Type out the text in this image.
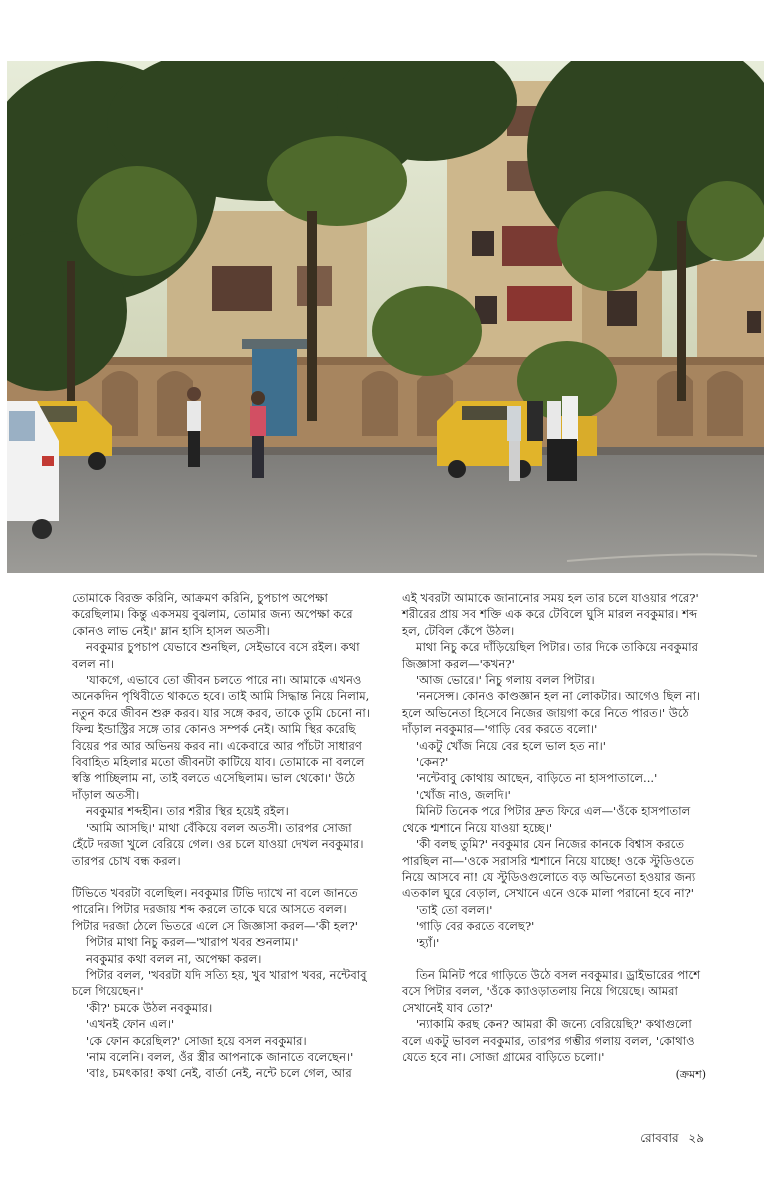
তোমাকে বিরক্ত করিনি, আক্রমণ করিনি, চুপচাপ অপেক্ষা করেছিলাম। কিন্তু একসময় বুঝলাম, তোমার জন্য অপেক্ষা করে কোনও লাভ নেই।' ম্লান হাসি হাসল অতসী।

নবকুমার চুপচাপ যেভাবে শুনছিল, সেইভাবে বসে রইল। কথা বলল না।

'যাকগে, এভাবে তো জীবন চলতে পারে না। আমাকে এখনও অনেকদিন পৃথিবীতে থাকতে হবে। তাই আমি সিদ্ধান্ত নিয়ে নিলাম, নতুন করে জীবন শুরু করব। যার সঙ্গে করব, তাকে তুমি চেনো না। ফিল্ম ইন্ডাস্ট্রির সঙ্গে তার কোনও সম্পর্ক নেই। আমি স্থির করেছি বিয়ের পর আর অভিনয় করব না। একেবারে আর পাঁচটা সাধারণ বিবাহিত মহিলার মতো জীবনটা কাটিয়ে যাব। তোমাকে না বললে স্বস্তি পাচ্ছিলাম না, তাই বলতে এসেছিলাম। ভাল থেকো।' উঠে দাঁড়াল অতসী।

নবকুমার শব্দহীন। তার শরীর স্থির হয়েই রইল।

'আমি আসছি।' মাথা বেঁকিয়ে বলল অতসী। তারপর সোজা হেঁটে দরজা খুলে বেরিয়ে গেল। ওর চলে যাওয়া দেখল নবকুমার। তারপর চোখ বন্ধ করল।

টিভিতে খবরটা বলেছিল। নবকুমার টিভি দ্যাখে না বলে জানতে পারেনি। পিটার দরজায় শব্দ করলে তাকে ঘরে আসতে বলল। পিটার দরজা ঠেলে ভিতরে এলে সে জিজ্ঞাসা করল—'কী হল?'

পিটার মাথা নিচু করল—'খারাপ খবর শুনলাম।'

নবকুমার কথা বলল না, অপেক্ষা করল।

পিটার বলল, 'খবরটা যদি সত্যি হয়, খুব খারাপ খবর, নন্টেবাবু চলে গিয়েছেন।'

'কী?' চমকে উঠল নবকুমার।

'এখনই ফোন এল।'

'কে ফোন করেছিল?' সোজা হয়ে বসল নবকুমার।

'নাম বলেনি। বলল, ওঁর স্ত্রীর আপনাকে জানাতে বলেছেন।'

'বাঃ, চমৎকার! কথা নেই, বার্তা নেই, নন্টে চলে গেল, আর

এই খবরটা আমাকে জানানোর সময় হল তার চলে যাওয়ার পরে?' শরীরের প্রায় সব শক্তি এক করে টেবিলে ঘুসি মারল নবকুমার। শব্দ হল, টেবিল কেঁপে উঠল।

মাথা নিচু করে দাঁড়িয়েছিল পিটার। তার দিকে তাকিয়ে নবকুমার জিজ্ঞাসা করল—'কখন?'

'আজ ভোরে।' নিচু গলায় বলল পিটার।

'ননসেন্স। কোনও কাণ্ডজ্ঞান হল না লোকটার। আগেও ছিল না। হলে অভিনেতা হিসেবে নিজের জায়গা করে নিতে পারত।' উঠে দাঁড়াল নবকুমার—'গাড়ি বের করতে বলো।'

'একটু খোঁজ নিয়ে বের হলে ভাল হত না।'

'কেন?'

'নন্টেবাবু কোথায় আছেন, বাড়িতে না হাসপাতালে...'

'খোঁজ নাও, জলদি।'

মিনিট তিনেক পরে পিটার দ্রুত ফিরে এল—'ওঁকে হাসপাতাল থেকে শ্মশানে নিয়ে যাওয়া হচ্ছে।'

'কী বলছ তুমি?' নবকুমার যেন নিজের কানকে বিশ্বাস করতে পারছিল না—'ওকে সরাসরি শ্মশানে নিয়ে যাচ্ছে! ওকে স্টুডিওতে নিয়ে আসবে না! যে স্টুডিওগুলোতে বড় অভিনেতা হওয়ার জন্য এতকাল ঘুরে বেড়াল, সেখানে এনে ওকে মালা পরানো হবে না?'

'তাই তো বলল।'

'গাড়ি বের করতে বলেছ?'

'হ্যাঁ।'

তিন মিনিট পরে গাড়িতে উঠে বসল নবকুমার। ড্রাইভারের পাশে বসে পিটার বলল, 'ওঁকে ক্যাওড়াতলায় নিয়ে গিয়েছে। আমরা সেখানেই যাব তো?'

'ন্যাকামি করছ কেন? আমরা কী জন্যে বেরিয়েছি?' কথাগুলো বলে একটু ভাবল নবকুমার, তারপর গম্ভীর গলায় বলল, 'কোথাও যেতে হবে না। সোজা গ্রামের বাড়িতে চলো।'

(ক্রমশ)
রোববার ২৯
